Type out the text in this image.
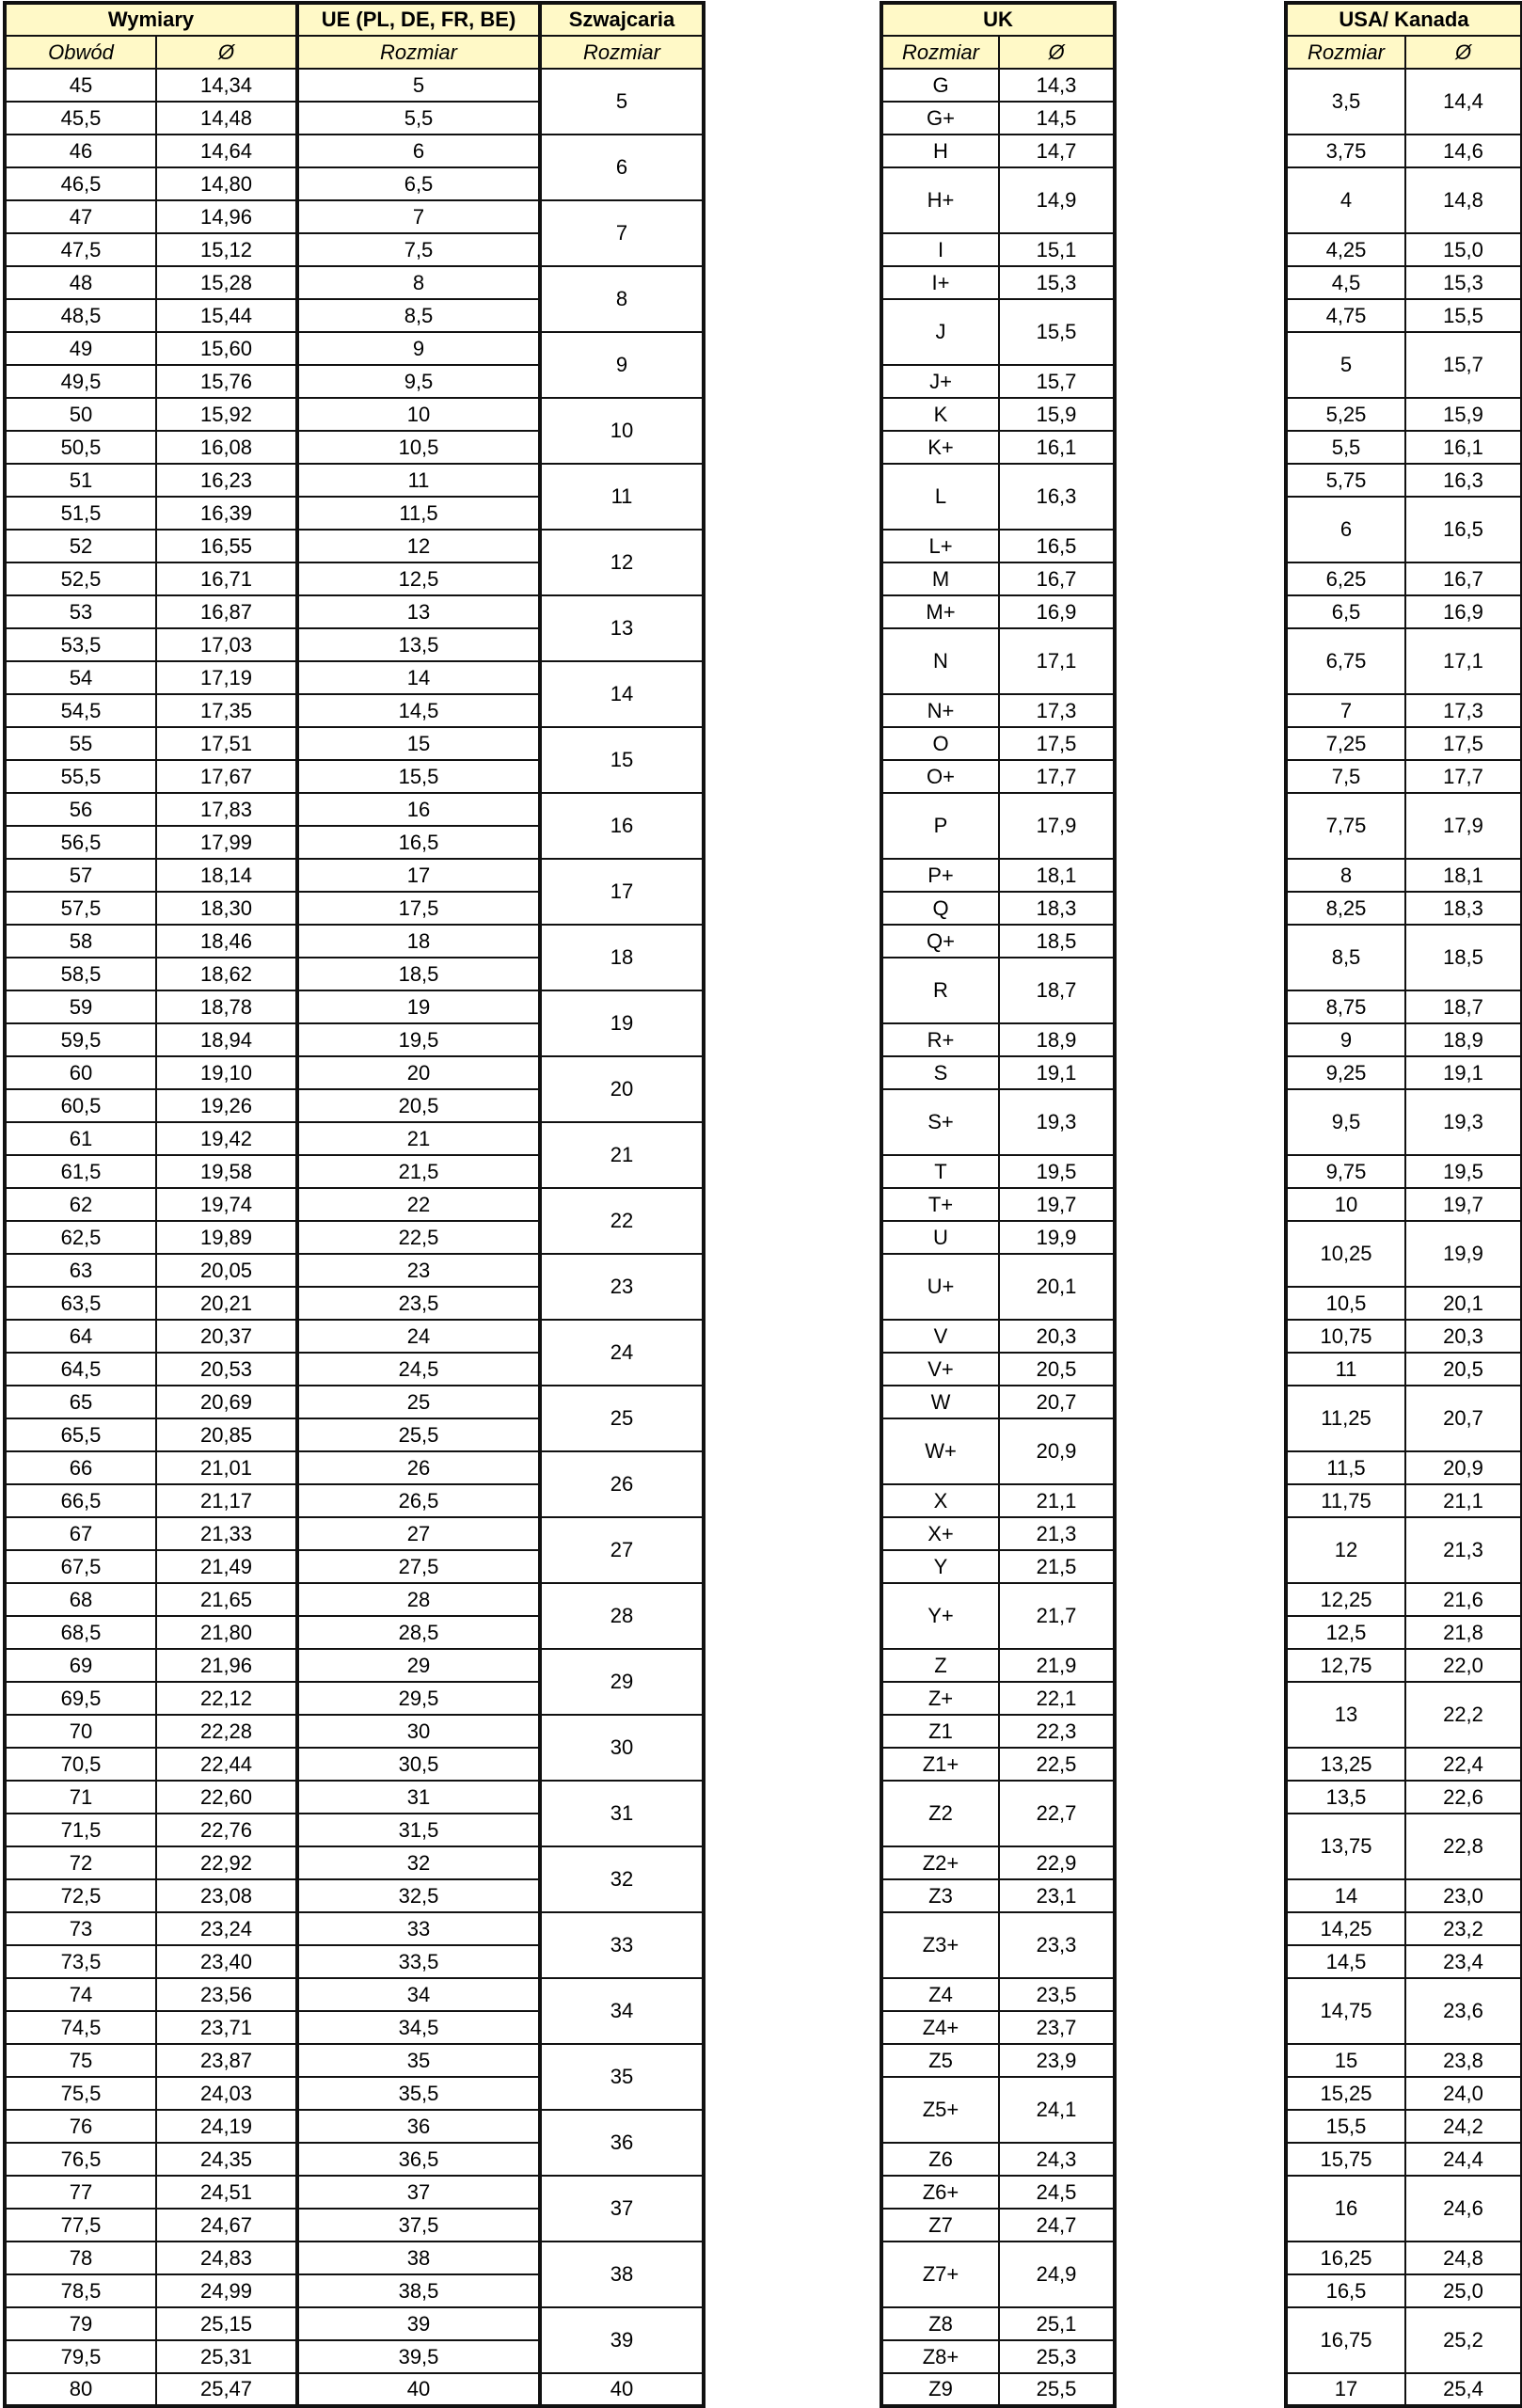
Wymiary		UE (PL, DE, FR, BE)	Szwajcaria
Obwód	Ø	Rozmiar	Rozmiar
45	14,34	5	5
45,5	14,48	5,5	
46	14,64	6	6
46,5	14,80	6,5	
47	14,96	7	7
47,5	15,12	7,5	
48	15,28	8	8
48,5	15,44	8,5	
49	15,60	9	9
49,5	15,76	9,5	
50	15,92	10	10
50,5	16,08	10,5	
51	16,23	11	11
51,5	16,39	11,5	
52	16,55	12	12
52,5	16,71	12,5	
53	16,87	13	13
53,5	17,03	13,5	
54	17,19	14	14
54,5	17,35	14,5	
55	17,51	15	15
55,5	17,67	15,5	
56	17,83	16	16
56,5	17,99	16,5	
57	18,14	17	17
57,5	18,30	17,5	
58	18,46	18	18
58,5	18,62	18,5	
59	18,78	19	19
59,5	18,94	19,5	
60	19,10	20	20
60,5	19,26	20,5	
61	19,42	21	21
61,5	19,58	21,5	
62	19,74	22	22
62,5	19,89	22,5	
63	20,05	23	23
63,5	20,21	23,5	
64	20,37	24	24
64,5	20,53	24,5	
65	20,69	25	25
65,5	20,85	25,5	
66	21,01	26	26
66,5	21,17	26,5	
67	21,33	27	27
67,5	21,49	27,5	
68	21,65	28	28
68,5	21,80	28,5	
69	21,96	29	29
69,5	22,12	29,5	
70	22,28	30	30
70,5	22,44	30,5	
71	22,60	31	31
71,5	22,76	31,5	
72	22,92	32	32
72,5	23,08	32,5	
73	23,24	33	33
73,5	23,40	33,5	
74	23,56	34	34
74,5	23,71	34,5	
75	23,87	35	35
75,5	24,03	35,5	
76	24,19	36	36
76,5	24,35	36,5	
77	24,51	37	37
77,5	24,67	37,5	
78	24,83	38	38
78,5	24,99	38,5	
79	25,15	39	39
79,5	25,31	39,5	
80	25,47	40	40
UK	
Rozmiar	Ø
G	14,3
G+	14,5
H	14,7
H+	14,9

I	15,1
I+	15,3
J	15,5

J+	15,7
K	15,9
K+	16,1
L	16,3

L+	16,5
M	16,7
M+	16,9
N	17,1

N+	17,3
O	17,5
O+	17,7
P	17,9

P+	18,1
Q	18,3
Q+	18,5
R	18,7

R+	18,9
S	19,1
S+	19,3

T	19,5
T+	19,7
U	19,9
U+	20,1

V	20,3
V+	20,5
W	20,7
W+	20,9

X	21,1
X+	21,3
Y	21,5
Y+	21,7

Z	21,9
Z+	22,1
Z1	22,3
Z1+	22,5
Z2	22,7

Z2+	22,9
Z3	23,1
Z3+	23,3

Z4	23,5
Z4+	23,7
Z5	23,9
Z5+	24,1

Z6	24,3
Z6+	24,5
Z7	24,7
Z7+	24,9

Z8	25,1
Z8+	25,3
Z9	25,5
USA/ Kanada	
Rozmiar	Ø
3,5	14,4

3,75	14,6
4	14,8

4,25	15,0
4,5	15,3
4,75	15,5
5	15,7

5,25	15,9
5,5	16,1
5,75	16,3
6	16,5

6,25	16,7
6,5	16,9
6,75	17,1

7	17,3
7,25	17,5
7,5	17,7
7,75	17,9

8	18,1
8,25	18,3
8,5	18,5

8,75	18,7
9	18,9
9,25	19,1
9,5	19,3

9,75	19,5
10	19,7
10,25	19,9

10,5	20,1
10,75	20,3
11	20,5
11,25	20,7

11,5	20,9
11,75	21,1
12	21,3

12,25	21,6
12,5	21,8
12,75	22,0
13	22,2

13,25	22,4
13,5	22,6
13,75	22,8

14	23,0
14,25	23,2
14,5	23,4
14,75	23,6

15	23,8
15,25	24,0
15,5	24,2
15,75	24,4
16	24,6

16,25	24,8
16,5	25,0
16,75	25,2

17	25,4
